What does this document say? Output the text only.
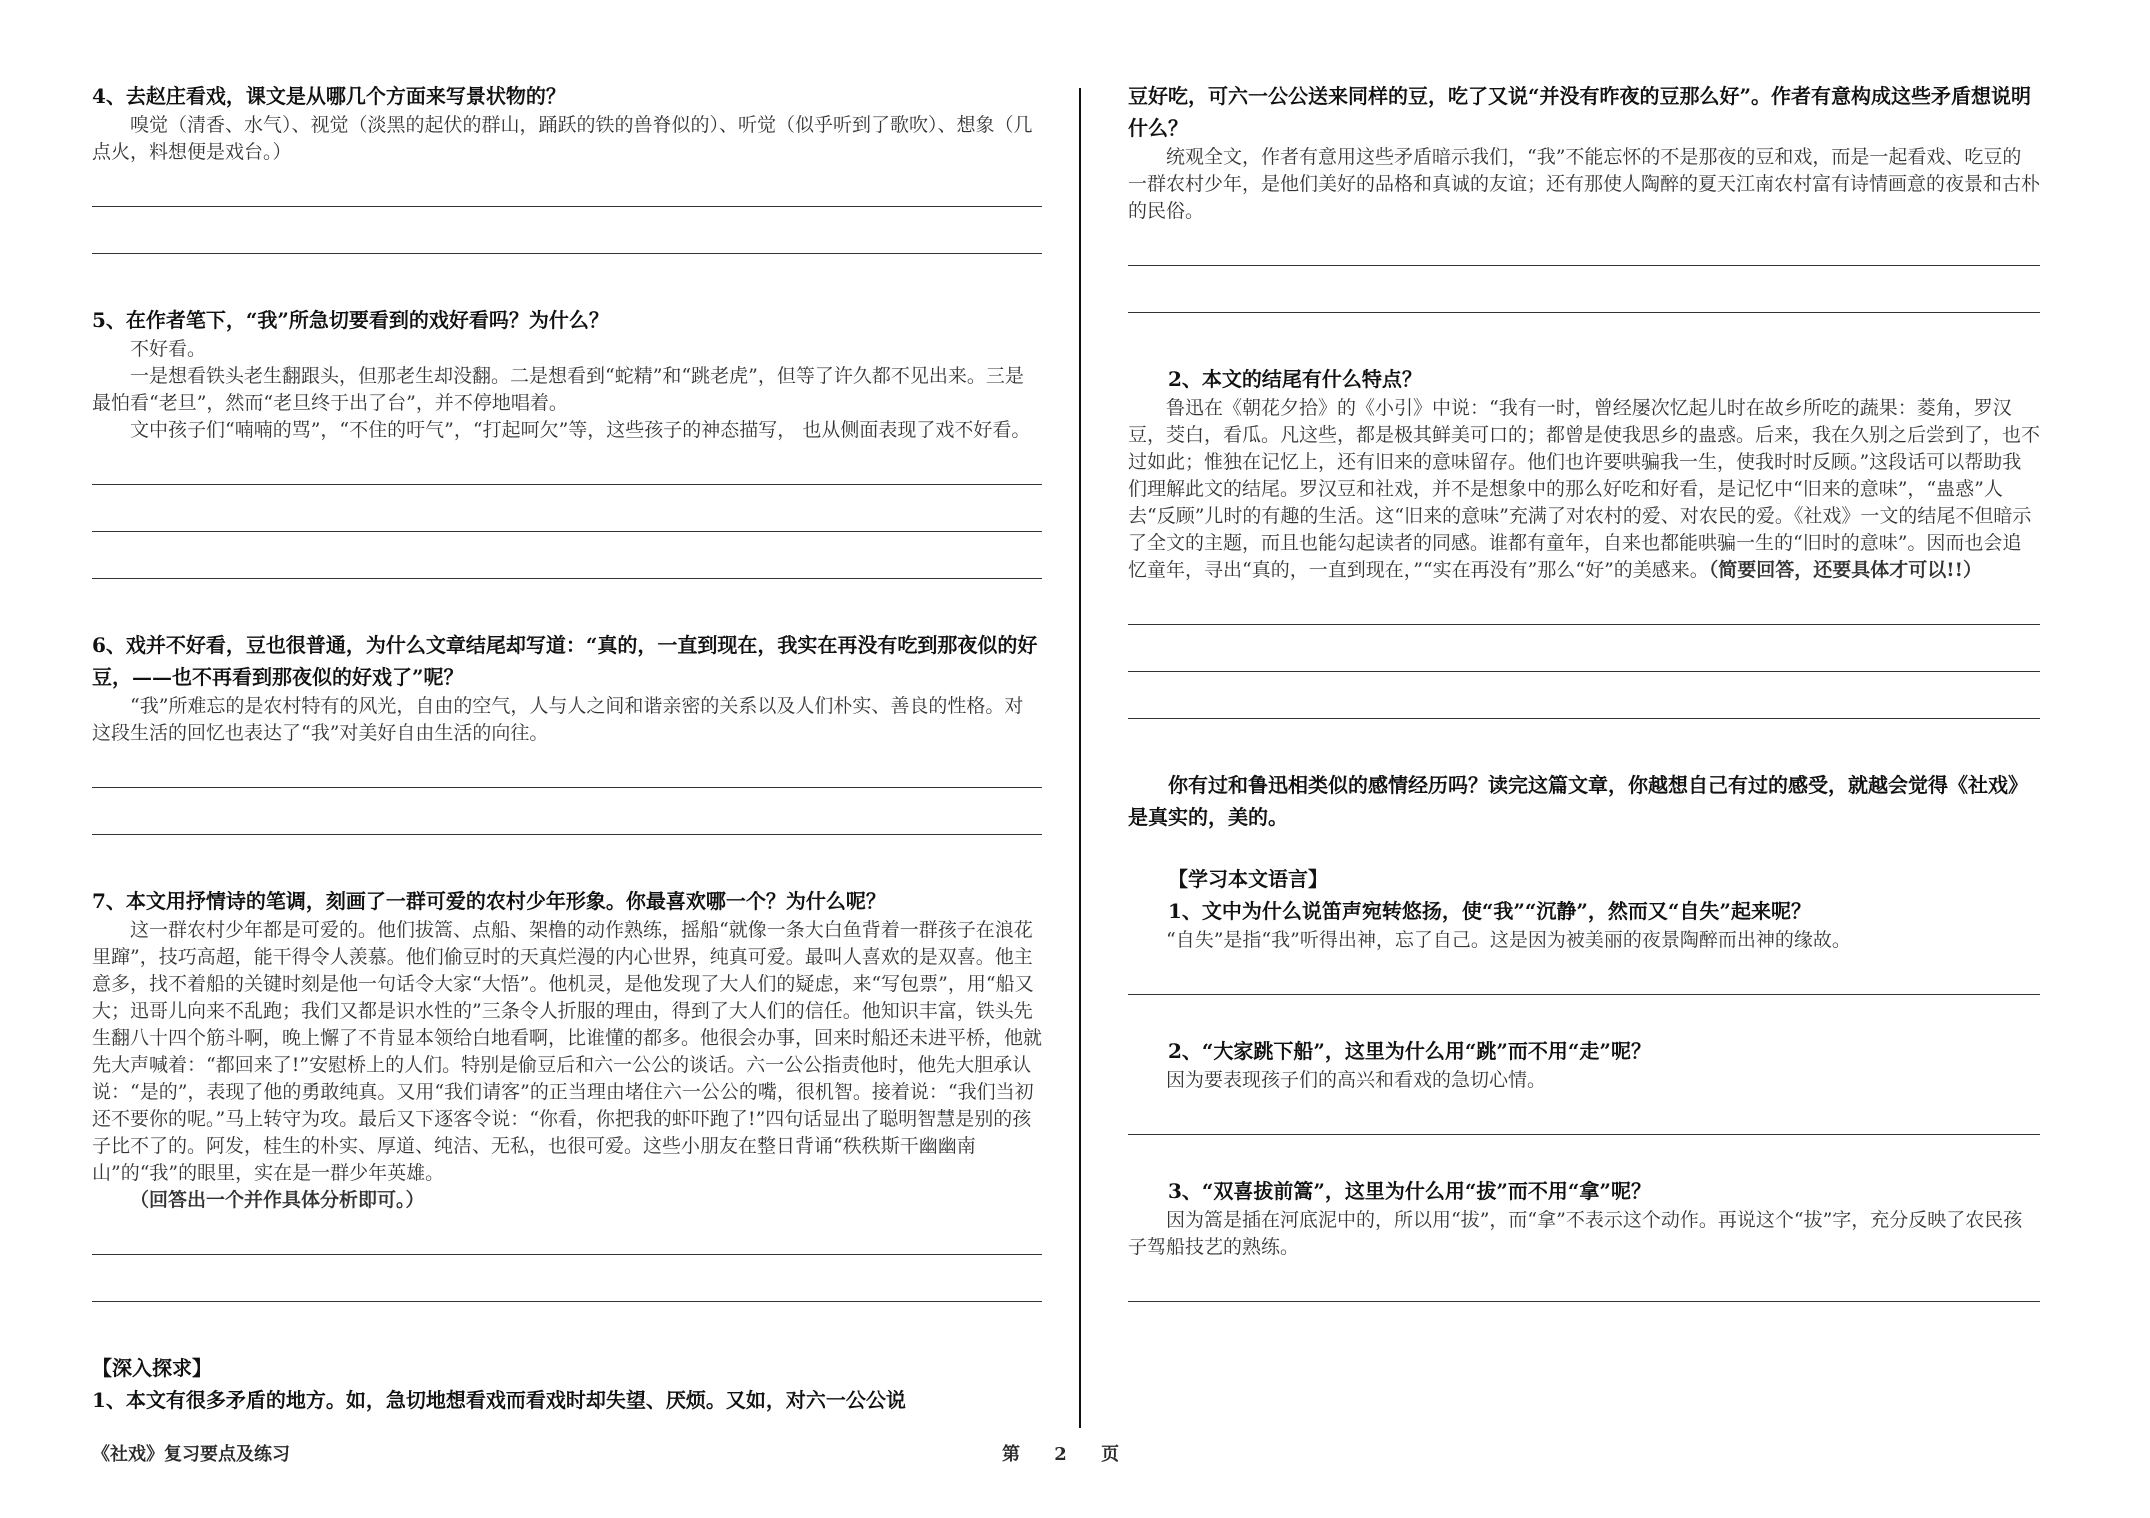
4、去赵庄看戏，课文是从哪几个方面来写景状物的？

嗅觉（清香、水气）、视觉（淡黑的起伏的群山，踊跃的铁的兽脊似的）、听觉（似乎听到了歌吹）、想象（几点火，料想便是戏台。）

5、在作者笔下，“我”所急切要看到的戏好看吗？为什么？

不好看。

一是想看铁头老生翻跟头，但那老生却没翻。二是想看到“蛇精”和“跳老虎”，但等了许久都不见出来。三是最怕看“老旦”，然而“老旦终于出了台”，并不停地唱着。

文中孩子们“喃喃的骂”，“不住的吁气”，“打起呵欠”等，这些孩子的神态描写， 也从侧面表现了戏不好看。

6、戏并不好看，豆也很普通，为什么文章结尾却写道：“真的，一直到现在，我实在再没有吃到那夜似的好豆，——也不再看到那夜似的好戏了”呢？

“我”所难忘的是农村特有的风光，自由的空气，人与人之间和谐亲密的关系以及人们朴实、善良的性格。对这段生活的回忆也表达了“我”对美好自由生活的向往。

7、本文用抒情诗的笔调，刻画了一群可爱的农村少年形象。你最喜欢哪一个？为什么呢？

这一群农村少年都是可爱的。他们拔篙、点船、架橹的动作熟练，摇船“就像一条大白鱼背着一群孩子在浪花里蹿”，技巧高超，能干得令人羡慕。他们偷豆时的天真烂漫的内心世界，纯真可爱。最叫人喜欢的是双喜。他主意多，找不着船的关键时刻是他一句话令大家“大悟”。他机灵，是他发现了大人们的疑虑，来“写包票”，用“船又大；迅哥儿向来不乱跑；我们又都是识水性的”三条令人折服的理由，得到了大人们的信任。他知识丰富，铁头先生翻八十四个筋斗啊，晚上懈了不肯显本领给白地看啊，比谁懂的都多。他很会办事，回来时船还未进平桥，他就先大声喊着：“都回来了!”安慰桥上的人们。特别是偷豆后和六一公公的谈话。六一公公指责他时，他先大胆承认说：“是的”，表现了他的勇敢纯真。又用“我们请客”的正当理由堵住六一公公的嘴，很机智。接着说：“我们当初还不要你的呢。”马上转守为攻。最后又下逐客令说：“你看，你把我的虾吓跑了!”四句话显出了聪明智慧是别的孩子比不了的。阿发，桂生的朴实、厚道、纯洁、无私，也很可爱。这些小朋友在整日背诵“秩秩斯干幽幽南山”的“我”的眼里，实在是一群少年英雄。

（回答出一个并作具体分析即可。）

【深入探求】

1、本文有很多矛盾的地方。如，急切地想看戏而看戏时却失望、厌烦。又如，对六一公公说

豆好吃，可六一公公送来同样的豆，吃了又说“并没有昨夜的豆那么好”。作者有意构成这些矛盾想说明什么？

统观全文，作者有意用这些矛盾暗示我们，“我”不能忘怀的不是那夜的豆和戏，而是一起看戏、吃豆的一群农村少年，是他们美好的品格和真诚的友谊；还有那使人陶醉的夏天江南农村富有诗情画意的夜景和古朴的民俗。

2、本文的结尾有什么特点？

鲁迅在《朝花夕拾》的《小引》中说：“我有一时，曾经屡次忆起儿时在故乡所吃的蔬果：菱角，罗汉豆，茭白，看瓜。凡这些，都是极其鲜美可口的；都曾是使我思乡的蛊惑。后来，我在久别之后尝到了，也不过如此；惟独在记忆上，还有旧来的意味留存。他们也许要哄骗我一生，使我时时反顾。”这段话可以帮助我们理解此文的结尾。罗汉豆和社戏，并不是想象中的那么好吃和好看，是记忆中“旧来的意味”，“蛊惑”人去“反顾”儿时的有趣的生活。这“旧来的意味”充满了对农村的爱、对农民的爱。《社戏》一文的结尾不但暗示了全文的主题，而且也能勾起读者的同感。谁都有童年，自来也都能哄骗一生的“旧时的意味”。因而也会追忆童年，寻出“真的，一直到现在，”“实在再没有”那么“好”的美感来。（简要回答，还要具体才可以!!）

你有过和鲁迅相类似的感情经历吗？读完这篇文章，你越想自己有过的感受，就越会觉得《社戏》是真实的，美的。

【学习本文语言】

1、文中为什么说笛声宛转悠扬，使“我”“沉静”，然而又“自失”起来呢？

“自失”是指“我”听得出神，忘了自己。这是因为被美丽的夜景陶醉而出神的缘故。

2、“大家跳下船”，这里为什么用“跳”而不用“走”呢？

因为要表现孩子们的高兴和看戏的急切心情。

3、“双喜拔前篙”，这里为什么用“拔”而不用“拿”呢？

因为篙是插在河底泥中的，所以用“拔”，而“拿”不表示这个动作。再说这个“拔”字，充分反映了农民孩子驾船技艺的熟练。

《社戏》复习要点及练习	第 2 页
